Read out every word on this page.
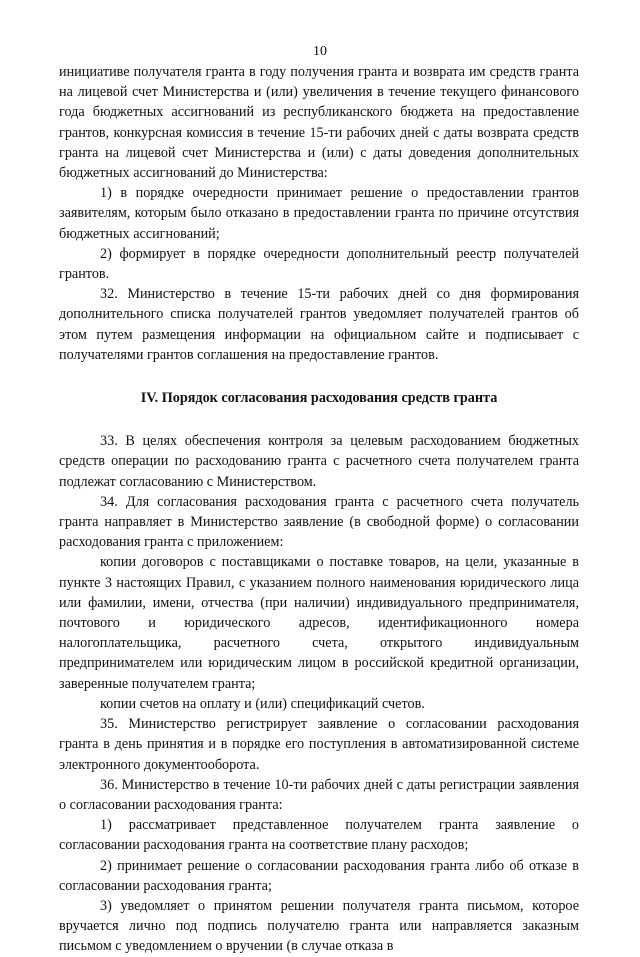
10

инициативе получателя гранта в году получения гранта и возврата им средств гранта на лицевой счет Министерства и (или) увеличения в течение текущего финансового года бюджетных ассигнований из республиканского бюджета на предоставление грантов, конкурсная комиссия в течение 15-ти рабочих дней с даты возврата средств гранта на лицевой счет Министерства и (или) с даты доведения дополнительных бюджетных ассигнований до Министерства:

1) в порядке очередности принимает решение о предоставлении грантов заявителям, которым было отказано в предоставлении гранта по причине отсутствия бюджетных ассигнований;

2) формирует в порядке очередности дополнительный реестр получателей грантов.

32. Министерство в течение 15-ти рабочих дней со дня формирования дополнительного списка получателей грантов уведомляет получателей грантов об этом путем размещения информации на официальном сайте и подписывает с получателями грантов соглашения на предоставление грантов.

IV. Порядок согласования расходования средств гранта

33. В целях обеспечения контроля за целевым расходованием бюджетных средств операции по расходованию гранта с расчетного счета получателем гранта подлежат согласованию с Министерством.

34. Для согласования расходования гранта с расчетного счета получатель гранта направляет в Министерство заявление (в свободной форме) о согласовании расходования гранта с приложением:

копии договоров с поставщиками о поставке товаров, на цели, указанные в пункте 3 настоящих Правил, с указанием полного наименования юридического лица или фамилии, имени, отчества (при наличии) индивидуального предпринимателя, почтового и юридического адресов, идентификационного номера налогоплательщика, расчетного счета, открытого индивидуальным предпринимателем или юридическим лицом в российской кредитной организации, заверенные получателем гранта;

копии счетов на оплату и (или) спецификаций счетов.

35. Министерство регистрирует заявление о согласовании расходования гранта в день принятия и в порядке его поступления в автоматизированной системе электронного документооборота.

36. Министерство в течение 10-ти рабочих дней с даты регистрации заявления о согласовании расходования гранта:

1) рассматривает представленное получателем гранта заявление о согласовании расходования гранта на соответствие плану расходов;

2) принимает решение о согласовании расходования гранта либо об отказе в согласовании расходования гранта;

3) уведомляет о принятом решении получателя гранта письмом, которое вручается лично под подпись получателю гранта или направляется заказным письмом с уведомлением о вручении (в случае отказа в
